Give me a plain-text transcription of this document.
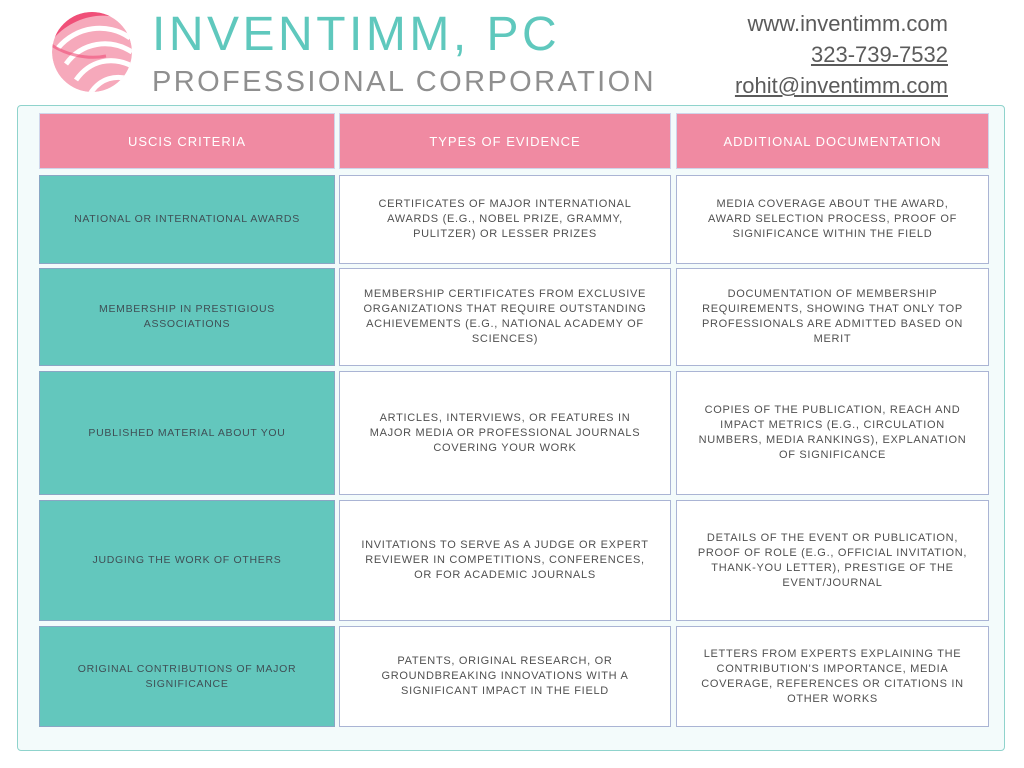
INVENTIMM, PC
PROFESSIONAL CORPORATION
www.inventimm.com
323-739-7532
rohit@inventimm.com
USCIS CRITERIA	TYPES OF EVIDENCE	ADDITIONAL DOCUMENTATION
NATIONAL OR INTERNATIONAL AWARDS
CERTIFICATES OF MAJOR INTERNATIONAL AWARDS (E.G., NOBEL PRIZE, GRAMMY, PULITZER) OR LESSER PRIZES
MEDIA COVERAGE ABOUT THE AWARD, AWARD SELECTION PROCESS, PROOF OF SIGNIFICANCE WITHIN THE FIELD
MEMBERSHIP IN PRESTIGIOUS ASSOCIATIONS
MEMBERSHIP CERTIFICATES FROM EXCLUSIVE ORGANIZATIONS THAT REQUIRE OUTSTANDING ACHIEVEMENTS (E.G., NATIONAL ACADEMY OF SCIENCES)
DOCUMENTATION OF MEMBERSHIP REQUIREMENTS, SHOWING THAT ONLY TOP PROFESSIONALS ARE ADMITTED BASED ON MERIT
PUBLISHED MATERIAL ABOUT YOU
ARTICLES, INTERVIEWS, OR FEATURES IN MAJOR MEDIA OR PROFESSIONAL JOURNALS COVERING YOUR WORK
COPIES OF THE PUBLICATION, REACH AND IMPACT METRICS (E.G., CIRCULATION NUMBERS, MEDIA RANKINGS), EXPLANATION OF SIGNIFICANCE
JUDGING THE WORK OF OTHERS
INVITATIONS TO SERVE AS A JUDGE OR EXPERT REVIEWER IN COMPETITIONS, CONFERENCES, OR FOR ACADEMIC JOURNALS
DETAILS OF THE EVENT OR PUBLICATION, PROOF OF ROLE (E.G., OFFICIAL INVITATION, THANK-YOU LETTER), PRESTIGE OF THE EVENT/JOURNAL
ORIGINAL CONTRIBUTIONS OF MAJOR SIGNIFICANCE
PATENTS, ORIGINAL RESEARCH, OR GROUNDBREAKING INNOVATIONS WITH A SIGNIFICANT IMPACT IN THE FIELD
LETTERS FROM EXPERTS EXPLAINING THE CONTRIBUTION'S IMPORTANCE, MEDIA COVERAGE, REFERENCES OR CITATIONS IN OTHER WORKS
